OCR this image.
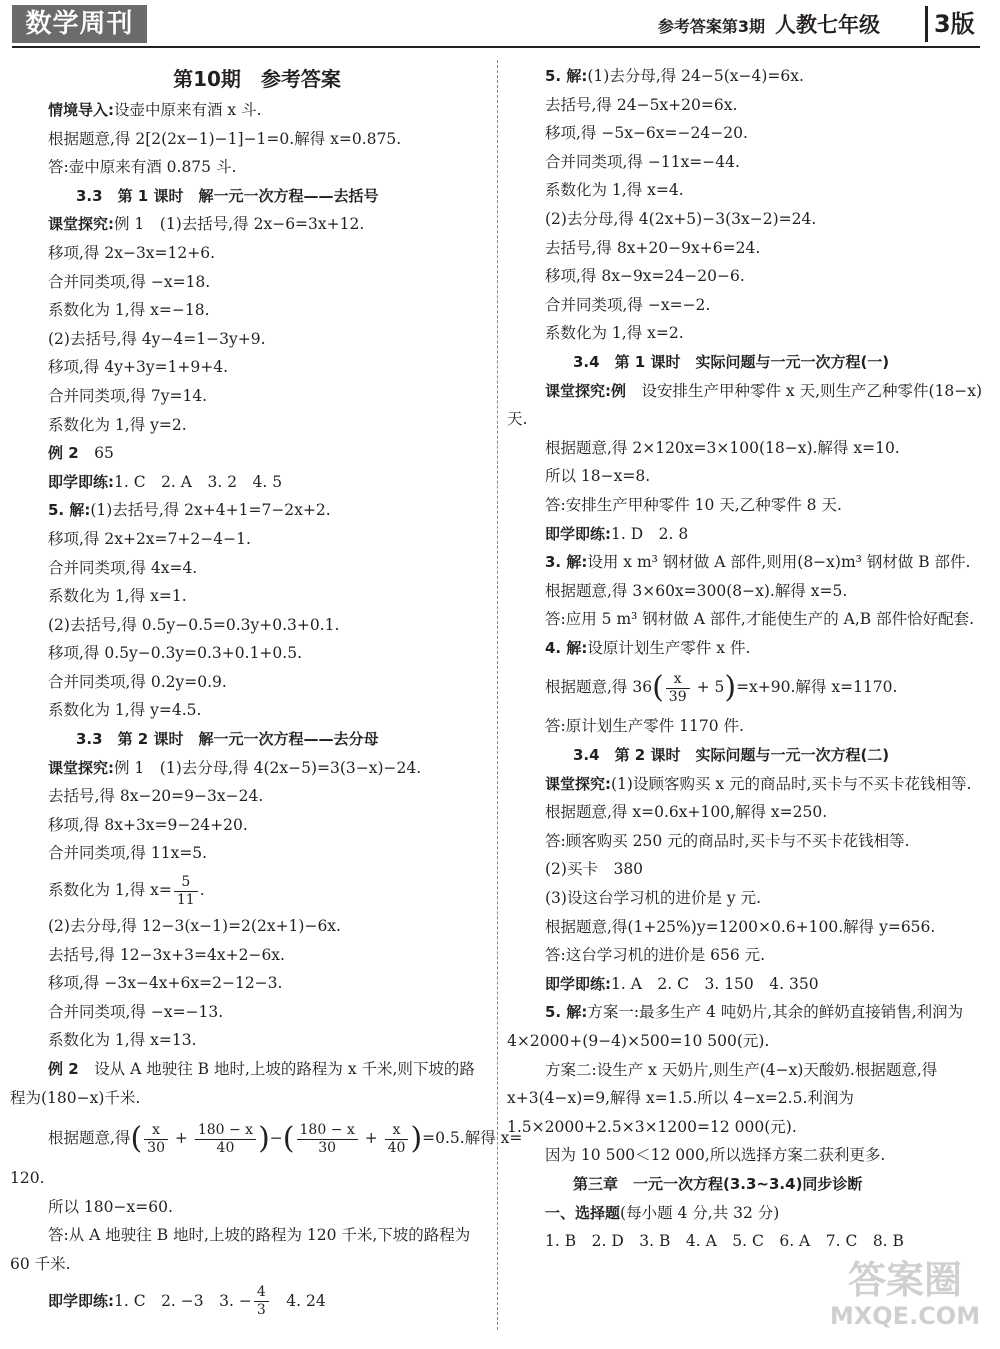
数学周刊	参考答案第3期 人教七年级 3版
第10期　参考答案
情境导入:设壶中原来有酒 x 斗.
根据题意,得 2[2(2x−1)−1]−1=0.解得 x=0.875.
答:壶中原来有酒 0.875 斗.
3.3　第 1 课时　解一元一次方程——去括号
课堂探究:例 1　(1)去括号,得 2x−6=3x+12.
移项,得 2x−3x=12+6.
合并同类项,得 −x=18.
系数化为 1,得 x=−18.
(2)去括号,得 4y−4=1−3y+9.
移项,得 4y+3y=1+9+4.
合并同类项,得 7y=14.
系数化为 1,得 y=2.
例 2　65
即学即练:1. C　2. A　3. 2　4. 5
5. 解:(1)去括号,得 2x+4+1=7−2x+2.
移项,得 2x+2x=7+2−4−1.
合并同类项,得 4x=4.
系数化为 1,得 x=1.
(2)去括号,得 0.5y−0.5=0.3y+0.3+0.1.
移项,得 0.5y−0.3y=0.3+0.1+0.5.
合并同类项,得 0.2y=0.9.
系数化为 1,得 y=4.5.
3.3　第 2 课时　解一元一次方程——去分母
课堂探究:例 1　(1)去分母,得 4(2x−5)=3(3−x)−24.
去括号,得 8x−20=9−3x−24.
移项,得 8x+3x=9−24+20.
合并同类项,得 11x=5.
系数化为 1,得 $x= \frac{5}{11}$ .
(2)去分母,得 12−3(x−1)=2(2x+1)−6x.
去括号,得 12−3x+3=4x+2−6x.
移项,得 −3x−4x+6x=2−12−3.
合并同类项,得 −x=−13.
系数化为 1,得 x=13.
例 2　设从 A 地驶往 B 地时,上坡的路程为 x 千米,则下坡的路程为(180−x)千米.
根据题意,得( $\frac{x}{30} + \frac{180 - x}{40}$ )−( $\frac{180 - x}{30} + \frac{x}{40} )=0.5$.解得 x=
120.
所以 180−x=60.
答:从 A 地驶往 B 地时,上坡的路程为 120 千米,下坡的路程为 60 千米.
即学即练:1. C　2. −3　3. − $\frac{4}{3}$ 　4. 24
5. 解:(1)去分母,得 24−5(x−4)=6x.
去括号,得 24−5x+20=6x.
移项,得 −5x−6x=−24−20.
合并同类项,得 −11x=−44.
系数化为 1,得 x=4.
(2)去分母,得 4(2x+5)−3(3x−2)=24.
去括号,得 8x+20−9x+6=24.
移项,得 8x−9x=24−20−6.
合并同类项,得 −x=−2.
系数化为 1,得 x=2.
3.4　第 1 课时　实际问题与一元一次方程(一)
课堂探究:例　设安排生产甲种零件 x 天,则生产乙种零件(18−x)天.
根据题意,得 2×120x=3×100(18−x).解得 x=10.
所以 18−x=8.
答:安排生产甲种零件 10 天,乙种零件 8 天.
即学即练:1. D　2. 8
3. 解:设用 x m³ 钢材做 A 部件,则用(8−x)m³ 钢材做 B 部件.
根据题意,得 3×60x=300(8−x).解得 x=5.
答:应用 5 m³ 钢材做 A 部件,才能使生产的 A,B 部件恰好配套.
4. 解:设原计划生产零件 x 件.
根据题意,得 $36( \frac{x}{39} + 5)=x+90$.解得 x=1170.
答:原计划生产零件 1170 件.
3.4　第 2 课时　实际问题与一元一次方程(二)
课堂探究:(1)设顾客购买 x 元的商品时,买卡与不买卡花钱相等.
根据题意,得 x=0.6x+100,解得 x=250.
答:顾客购买 250 元的商品时,买卡与不买卡花钱相等.
(2)买卡　380
(3)设这台学习机的进价是 y 元.
根据题意,得(1+25%)y=1200×0.6+100.解得 y=656.
答:这台学习机的进价是 656 元.
即学即练:1. A　2. C　3. 150　4. 350
5. 解:方案一:最多生产 4 吨奶片,其余的鲜奶直接销售,利润为 4×2000+(9−4)×500=10 500(元).
方案二:设生产 x 天奶片,则生产(4−x)天酸奶.根据题意,得 x+3(4−x)=9,解得 x=1.5.所以 4−x=2.5.利润为 1.5×2000+2.5×3×1200=12 000(元).
因为 10 500＜12 000,所以选择方案二获利更多.
第三章　一元一次方程(3.3~3.4)同步诊断
一、选择题(每小题 4 分,共 32 分)
1. B　2. D　3. B　4. A　5. C　6. A　7. C　8. B
答案圈
MXQE.COM
